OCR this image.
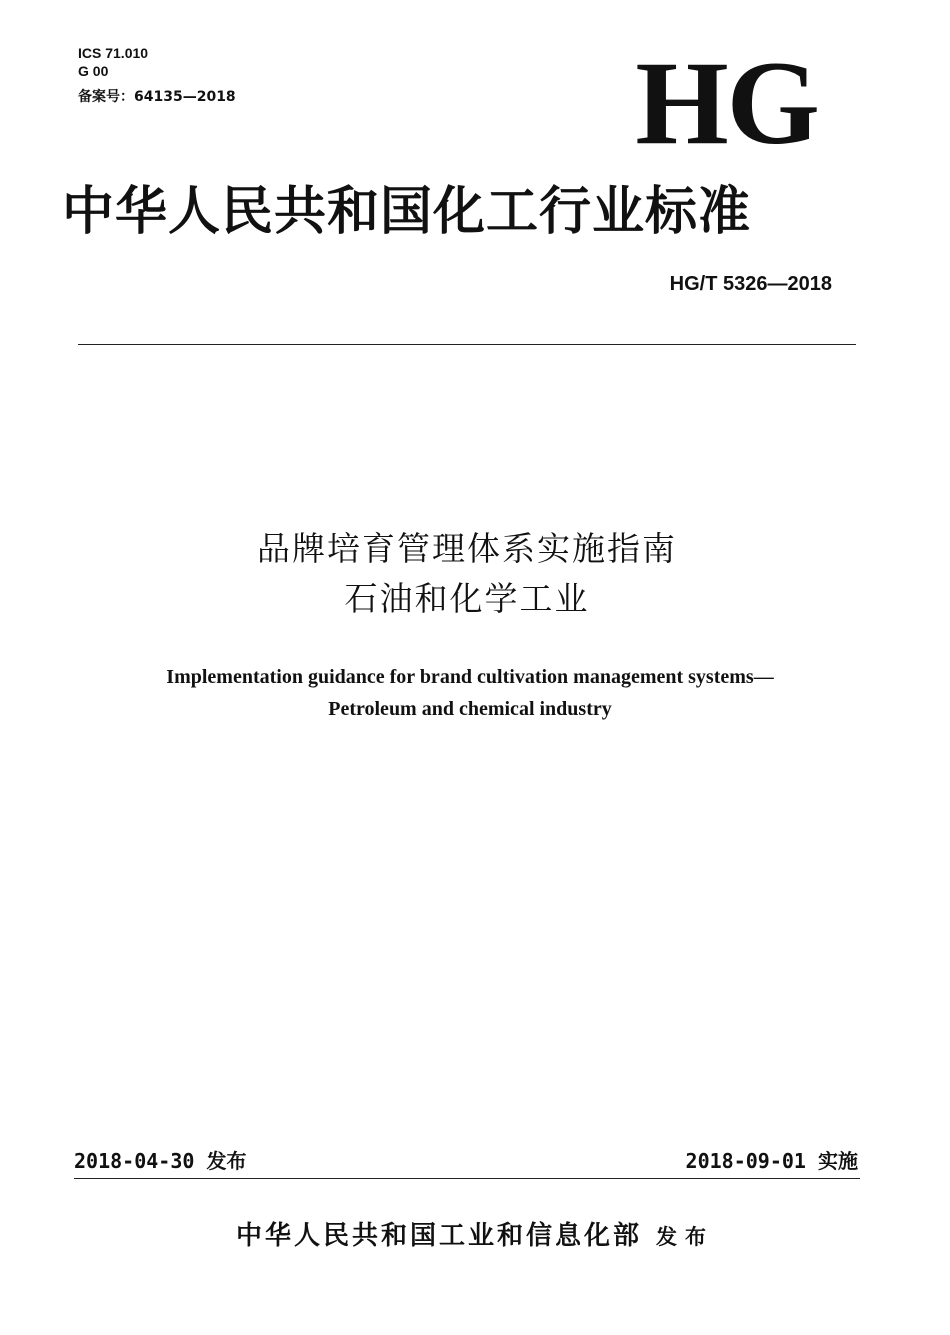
ICS 71.010
G 00
备案号：64135—2018	HG
中华人民共和国化工行业标准
HG/T 5326—2018
品牌培育管理体系实施指南
石油和化学工业
Implementation guidance for brand cultivation management systems—
Petroleum and chemical industry
2018-04-30 发布	2018-09-01 实施
中华人民共和国工业和信息化部 发布
